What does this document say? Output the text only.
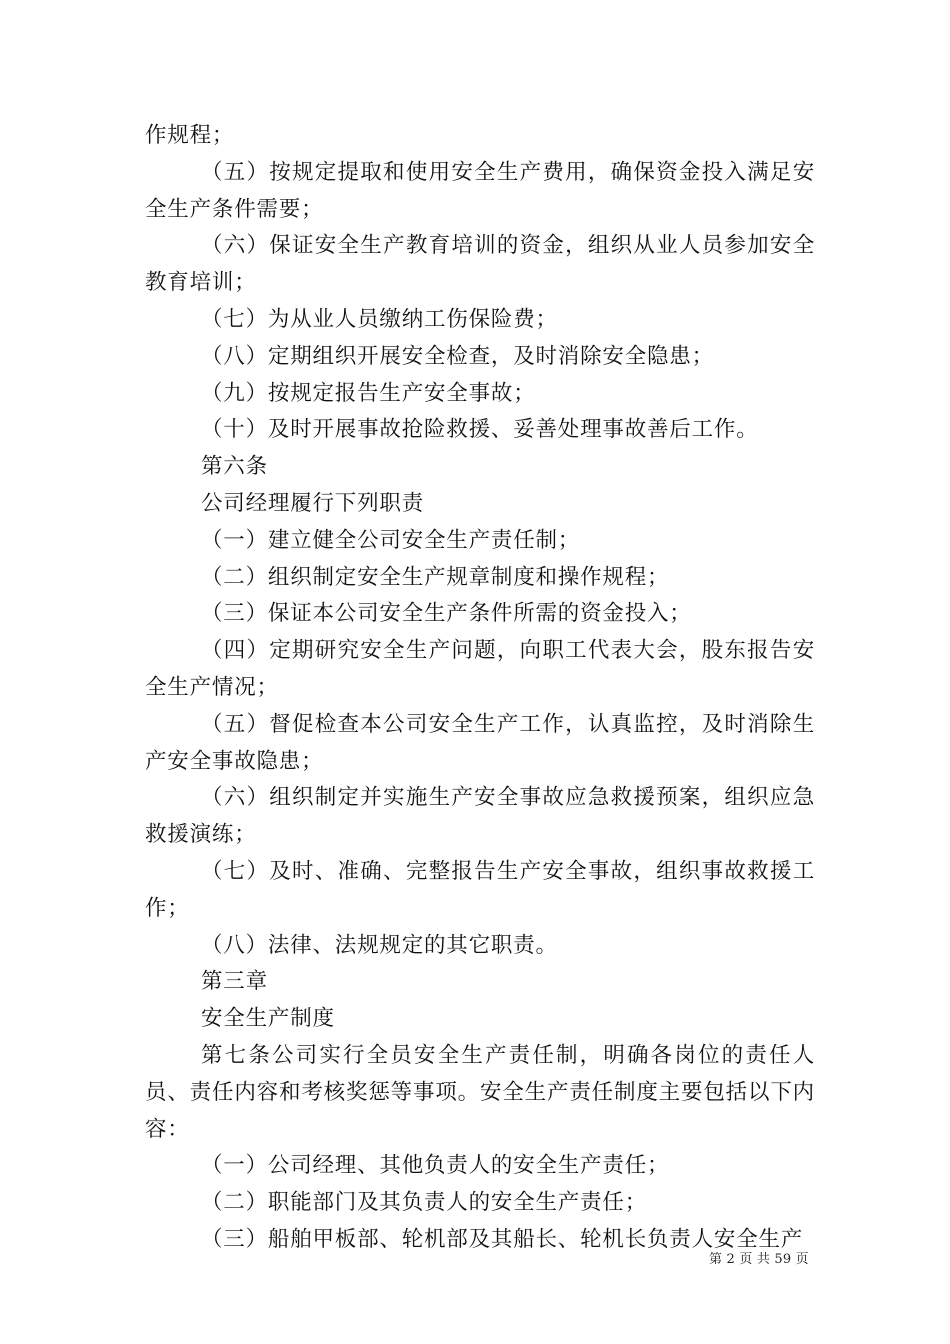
作规程；

（五）按规定提取和使用安全生产费用，确保资金投入满足安全生产条件需要；

（六）保证安全生产教育培训的资金，组织从业人员参加安全教育培训；

（七）为从业人员缴纳工伤保险费；

（八）定期组织开展安全检查，及时消除安全隐患；

（九）按规定报告生产安全事故；

（十）及时开展事故抢险救援、妥善处理事故善后工作。

第六条

公司经理履行下列职责

（一）建立健全公司安全生产责任制；

（二）组织制定安全生产规章制度和操作规程；

（三）保证本公司安全生产条件所需的资金投入；

（四）定期研究安全生产问题，向职工代表大会，股东报告安全生产情况；

（五）督促检查本公司安全生产工作，认真监控，及时消除生产安全事故隐患；

（六）组织制定并实施生产安全事故应急救援预案，组织应急救援演练；

（七）及时、准确、完整报告生产安全事故，组织事故救援工作；

（八）法律、法规规定的其它职责。

第三章

安全生产制度

第七条公司实行全员安全生产责任制，明确各岗位的责任人员、责任内容和考核奖惩等事项。安全生产责任制度主要包括以下内容：

（一）公司经理、其他负责人的安全生产责任；

（二）职能部门及其负责人的安全生产责任；

（三）船舶甲板部、轮机部及其船长、轮机长负责人安全生产

第 2 页 共 59 页
